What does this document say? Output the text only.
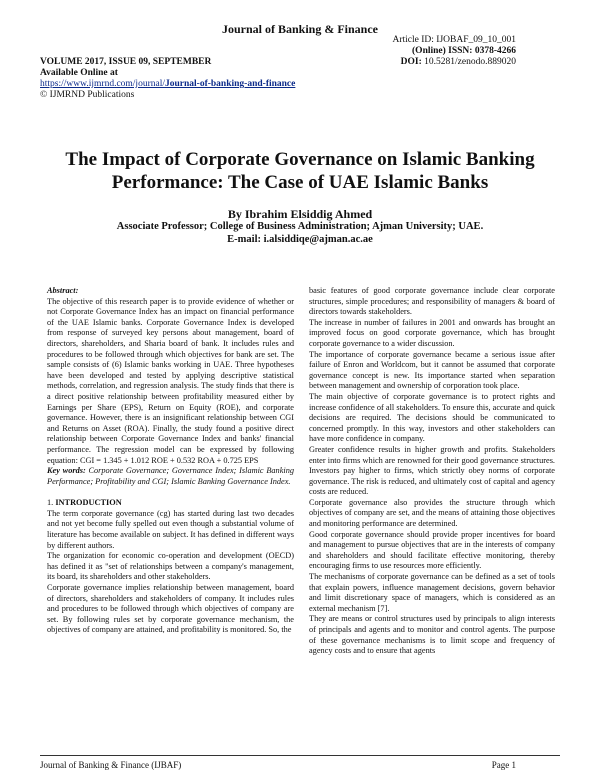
Journal of Banking & Finance
Article ID: IJOBAF_09_10_001
(Online) ISSN: 0378-4266
DOI: 10.5281/zenodo.889020
VOLUME 2017, ISSUE 09, SEPTEMBER
Available Online at
https://www.ijmrnd.com/journal/Journal-of-banking-and-finance
© IJMRND Publications
The Impact of Corporate Governance on Islamic Banking
Performance: The Case of UAE Islamic Banks
By Ibrahim Elsiddig Ahmed
Associate Professor; College of Business Administration; Ajman University; UAE.
E-mail: i.alsiddiqe@ajman.ac.ae

Abstract:

The objective of this research paper is to provide evidence of whether or not Corporate Governance Index has an impact on financial performance of the UAE Islamic banks. Corporate Governance Index is developed from response of surveyed key persons about management, board of directors, shareholders, and Sharia board of bank. It includes rules and procedures to be followed through which objectives for bank are set. The sample consists of (6) Islamic banks working in UAE. Three hypotheses have been developed and tested by applying descriptive statistical methods, correlation, and regression analysis. The study finds that there is a direct positive relationship between profitability measured either by Earnings per Share (EPS), Return on Equity (ROE), and corporate governance. However, there is an insignificant relationship between CGI and Returns on Asset (ROA). Finally, the study found a positive direct relationship between Corporate Governance Index and banks' financial performance. The regression model can be expressed by following equation: CGI = 1.345 + 1.012 ROE + 0.532 ROA + 0.725 EPS

Key words: Corporate Governance; Governance Index; Islamic Banking Performance; Profitability and CGI; Islamic Banking Governance Index.

1. INTRODUCTION

The term corporate governance (cg) has started during last two decades and not yet become fully spelled out even though a substantial volume of literature has become available on subject. It has defined in different ways by different authors.

The organization for economic co-operation and development (OECD) has defined it as "set of relationships between a company's management, its board, its shareholders and other stakeholders.

Corporate governance implies relationship between management, board of directors, shareholders and stakeholders of company. It includes rules and procedures to be followed through which objectives of company are set. By following rules set by corporate governance mechanism, the objectives of company are attained, and profitability is monitored. So, the

basic features of good corporate governance include clear corporate structures, simple procedures; and responsibility of managers & board of directors towards stakeholders.

The increase in number of failures in 2001 and onwards has brought an improved focus on good corporate governance, which has brought corporate governance to a wider discussion.

The importance of corporate governance became a serious issue after failure of Enron and Worldcom, but it cannot be assumed that corporate governance concept is new. Its importance started when separation between management and ownership of corporation took place.

The main objective of corporate governance is to protect rights and increase confidence of all stakeholders. To ensure this, accurate and quick decisions are required. The decisions should be communicated to concerned promptly. In this way, investors and other stakeholders can have more confidence in company.

Greater confidence results in higher growth and profits. Stakeholders enter into firms which are renowned for their good governance structures. Investors pay higher to firms, which strictly obey norms of corporate governance. The risk is reduced, and ultimately cost of capital and agency costs are reduced.

Corporate governance also provides the structure through which objectives of company are set, and the means of attaining those objectives and monitoring performance are determined.

Good corporate governance should provide proper incentives for board and management to pursue objectives that are in the interests of company and shareholders and should facilitate effective monitoring, thereby encouraging firms to use resources more efficiently.

The mechanisms of corporate governance can be defined as a set of tools that explain powers, influence management decisions, govern behavior and limit discretionary space of managers, which is considered as an external mechanism [7].

They are means or control structures used by principals to align interests of principals and agents and to monitor and control agents. The purpose of these governance mechanisms is to limit scope and frequency of agency costs and to ensure that agents

Journal of Banking & Finance (IJBAF)	Page 1
